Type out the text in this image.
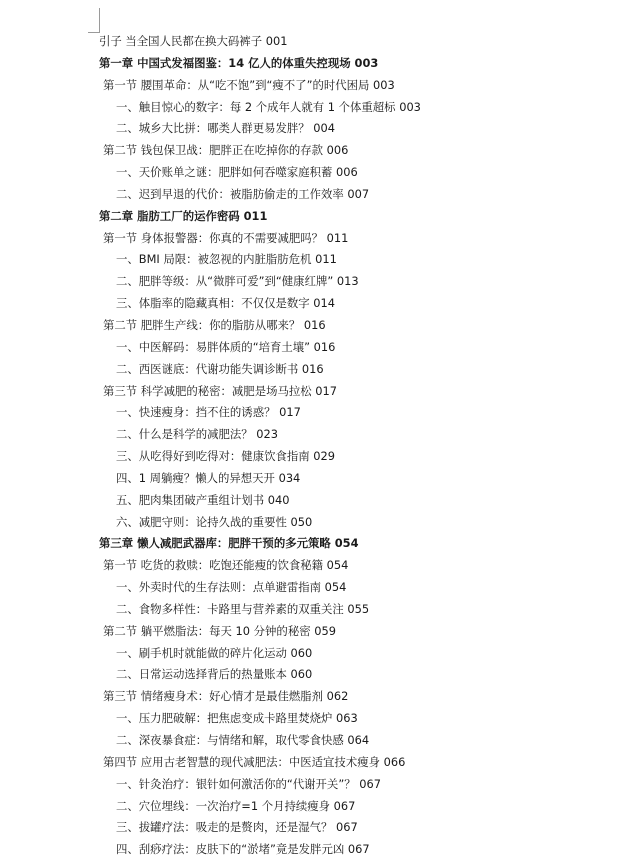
引子 当全国人民都在换大码裤子 001
第一章 中国式发福图鉴：14 亿人的体重失控现场 003
第一节 腰围革命：从“吃不饱”到“瘦不了”的时代困局 003
一、触目惊心的数字：每 2 个成年人就有 1 个体重超标 003
二、城乡大比拼：哪类人群更易发胖？ 004
第二节 钱包保卫战：肥胖正在吃掉你的存款 006
一、天价账单之谜：肥胖如何吞噬家庭积蓄 006
二、迟到早退的代价：被脂肪偷走的工作效率 007
第二章 脂肪工厂的运作密码 011
第一节 身体报警器：你真的不需要减肥吗？ 011
一、BMI 局限：被忽视的内脏脂肪危机 011
二、肥胖等级：从“微胖可爱”到“健康红牌” 013
三、体脂率的隐藏真相：不仅仅是数字 014
第二节 肥胖生产线：你的脂肪从哪来？ 016
一、中医解码：易胖体质的“培育土壤” 016
二、西医谜底：代谢功能失调诊断书 016
第三节 科学减肥的秘密：减肥是场马拉松 017
一、快速瘦身：挡不住的诱惑？ 017
二、什么是科学的减肥法？ 023
三、从吃得好到吃得对：健康饮食指南 029
四、1 周躺瘦？懒人的异想天开 034
五、肥肉集团破产重组计划书 040
六、减肥守则：论持久战的重要性 050
第三章 懒人减肥武器库：肥胖干预的多元策略 054
第一节 吃货的救赎：吃饱还能瘦的饮食秘籍 054
一、外卖时代的生存法则：点单避雷指南 054
二、食物多样性：卡路里与营养素的双重关注 055
第二节 躺平燃脂法：每天 10 分钟的秘密 059
一、刷手机时就能做的碎片化运动 060
二、日常运动选择背后的热量账本 060
第三节 情绪瘦身术：好心情才是最佳燃脂剂 062
一、压力肥破解：把焦虑变成卡路里焚烧炉 063
二、深夜暴食症：与情绪和解，取代零食快感 064
第四节 应用古老智慧的现代减肥法：中医适宜技术瘦身 066
一、针灸治疗：银针如何激活你的“代谢开关”？ 067
二、穴位埋线：一次治疗=1 个月持续瘦身 067
三、拔罐疗法：吸走的是赘肉，还是湿气？ 067
四、刮痧疗法：皮肤下的“淤堵”竟是发胖元凶 067
